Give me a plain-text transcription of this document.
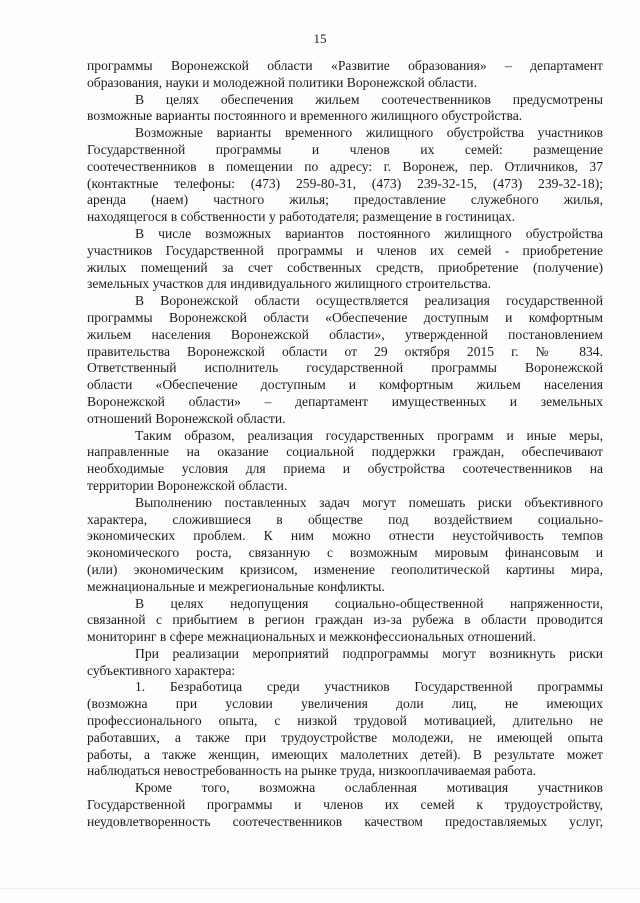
15
программы Воронежской области «Развитие образования» – департамент
образования, науки и молодежной политики Воронежской области.
В целях обеспечения жильем соотечественников предусмотрены
возможные варианты постоянного и временного жилищного обустройства.
Возможные варианты временного жилищного обустройства участников
Государственной программы и членов их семей: размещение
соотечественников в помещении по адресу: г. Воронеж, пер. Отличников, 37
(контактные телефоны: (473) 259-80-31, (473) 239-32-15, (473) 239-32-18);
аренда (наем) частного жилья; предоставление служебного жилья,
находящегося в собственности у работодателя; размещение в гостиницах.
В числе возможных вариантов постоянного жилищного обустройства
участников Государственной программы и членов их семей - приобретение
жилых помещений за счет собственных средств, приобретение (получение)
земельных участков для индивидуального жилищного строительства.
В Воронежской области осуществляется реализация государственной
программы Воронежской области «Обеспечение доступным и комфортным
жильем населения Воронежской области», утвержденной постановлением
правительства Воронежской области от 29 октября 2015 г. № 834.
Ответственный исполнитель государственной программы Воронежской
области «Обеспечение доступным и комфортным жильем населения
Воронежской области» – департамент имущественных и земельных
отношений Воронежской области.
Таким образом, реализация государственных программ и иные меры,
направленные на оказание социальной поддержки граждан, обеспечивают
необходимые условия для приема и обустройства соотечественников на
территории Воронежской области.
Выполнению поставленных задач могут помешать риски объективного
характера, сложившиеся в обществе под воздействием социально-
экономических проблем. К ним можно отнести неустойчивость темпов
экономического роста, связанную с возможным мировым финансовым и
(или) экономическим кризисом, изменение геополитической картины мира,
межнациональные и межрегиональные конфликты.
В целях недопущения социально-общественной напряженности,
связанной с прибытием в регион граждан из-за рубежа в области проводится
мониторинг в сфере межнациональных и межконфессиональных отношений.
При реализации мероприятий подпрограммы могут возникнуть риски
субъективного характера:
1. Безработица среди участников Государственной программы
(возможна при условии увеличения доли лиц, не имеющих
профессионального опыта, с низкой трудовой мотивацией, длительно не
работавших, а также при трудоустройстве молодежи, не имеющей опыта
работы, а также женщин, имеющих малолетних детей). В результате может
наблюдаться невостребованность на рынке труда, низкооплачиваемая работа.
Кроме того, возможна ослабленная мотивация участников
Государственной программы и членов их семей к трудоустройству,
неудовлетворенность соотечественников качеством предоставляемых услуг,
